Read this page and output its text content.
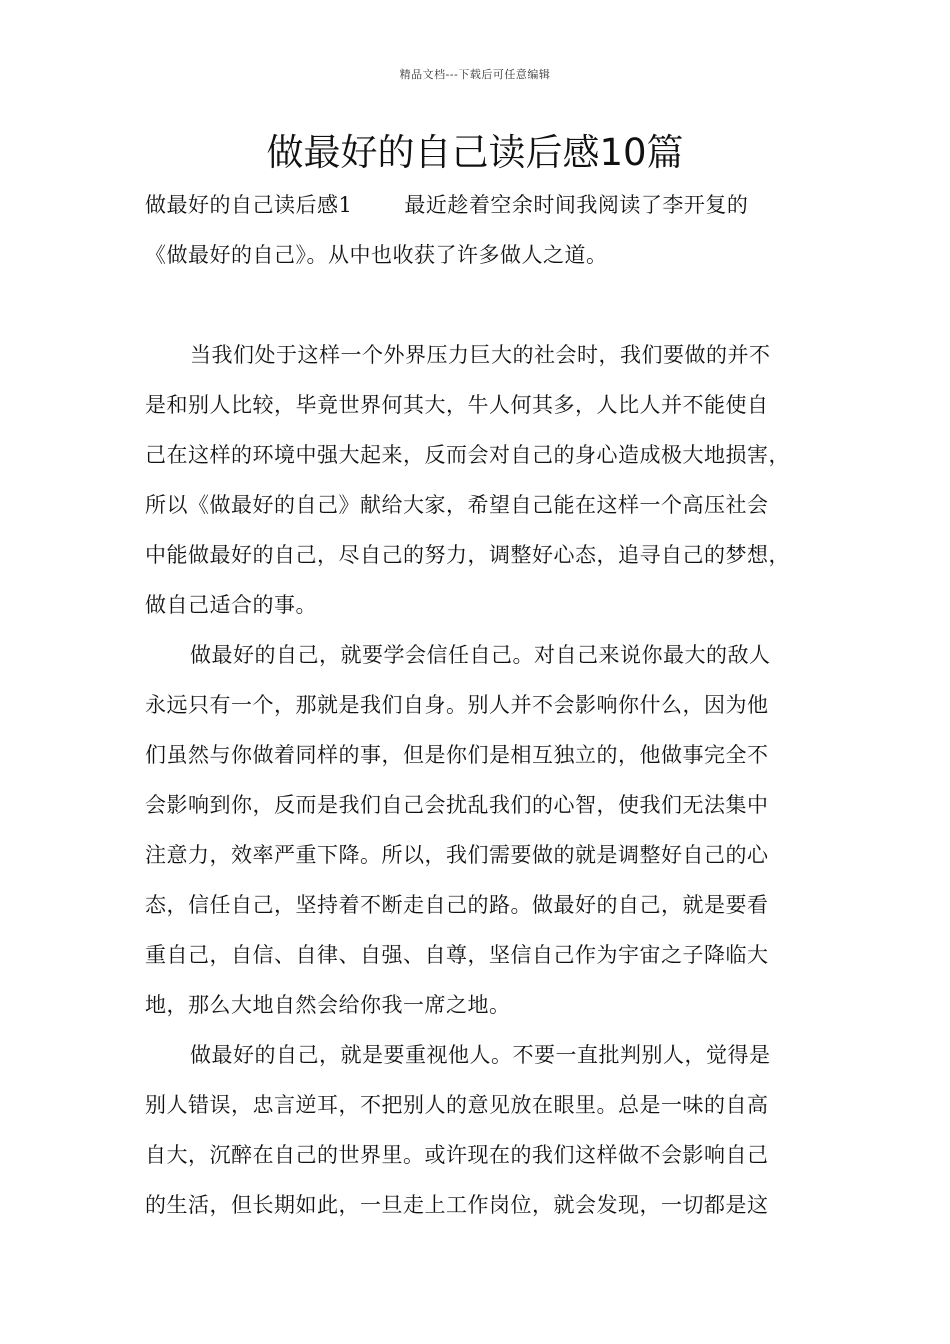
精品文档---下载后可任意编辑
做最好的自己读后感10篇
做最好的自己读后感1 最近趁着空余时间我阅读了李开复的
《做最好的自己》。从中也收获了许多做人之道。
当我们处于这样一个外界压力巨大的社会时，我们要做的并不
是和别人比较，毕竟世界何其大，牛人何其多，人比人并不能使自
己在这样的环境中强大起来，反而会对自己的身心造成极大地损害，
所以《做最好的自己》献给大家，希望自己能在这样一个高压社会
中能做最好的自己，尽自己的努力，调整好心态，追寻自己的梦想，
做自己适合的事。
做最好的自己，就要学会信任自己。对自己来说你最大的敌人
永远只有一个，那就是我们自身。别人并不会影响你什么，因为他
们虽然与你做着同样的事，但是你们是相互独立的，他做事完全不
会影响到你，反而是我们自己会扰乱我们的心智，使我们无法集中
注意力，效率严重下降。所以，我们需要做的就是调整好自己的心
态，信任自己，坚持着不断走自己的路。做最好的自己，就是要看
重自己，自信、自律、自强、自尊，坚信自己作为宇宙之子降临大
地，那么大地自然会给你我一席之地。
做最好的自己，就是要重视他人。不要一直批判别人，觉得是
别人错误，忠言逆耳，不把别人的意见放在眼里。总是一味的自高
自大，沉醉在自己的世界里。或许现在的我们这样做不会影响自己
的生活，但长期如此，一旦走上工作岗位，就会发现，一切都是这
